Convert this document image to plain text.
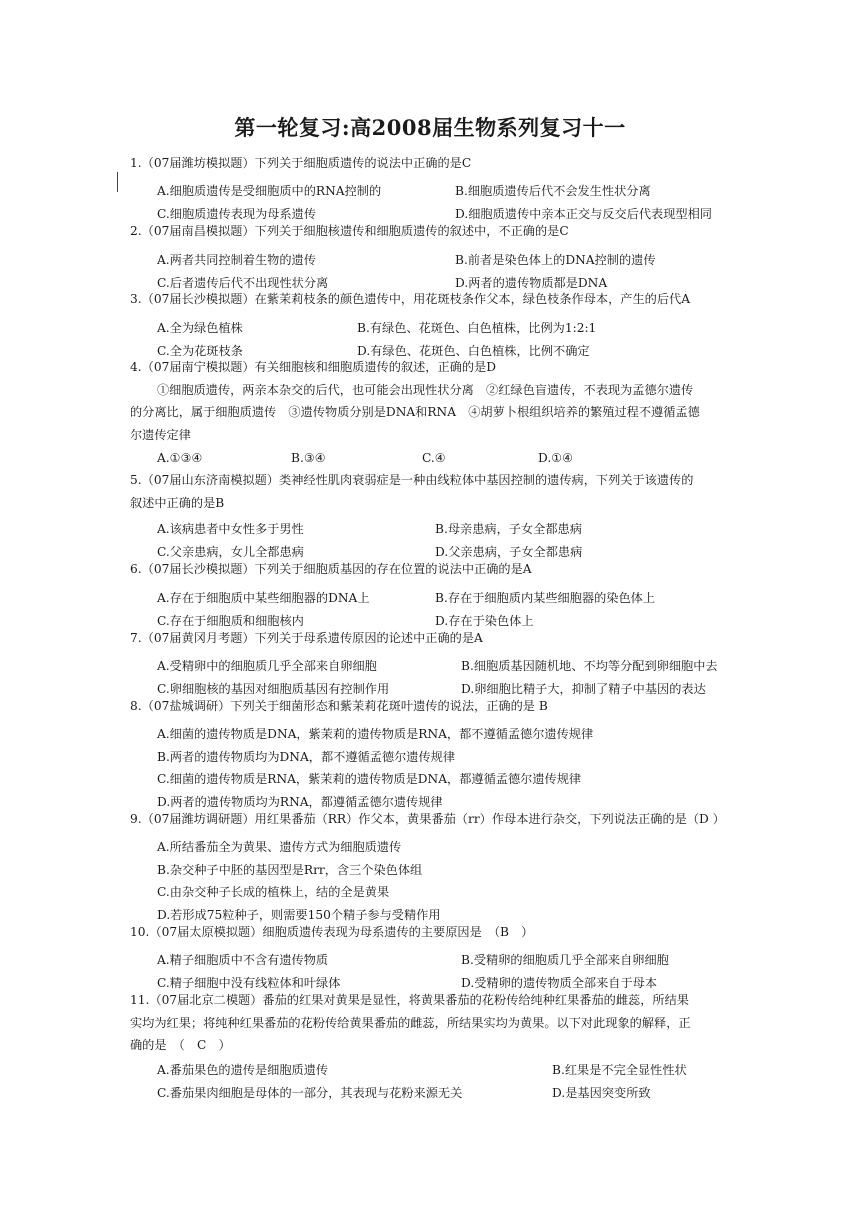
第一轮复习:高2008届生物系列复习十一
1.（07届潍坊模拟题）下列关于细胞质遗传的说法中正确的是C
A.细胞质遗传是受细胞质中的RNA控制的	B.细胞质遗传后代不会发生性状分离
C.细胞质遗传表现为母系遗传	D.细胞质遗传中亲本正交与反交后代表现型相同
2.（07届南昌模拟题）下列关于细胞核遗传和细胞质遗传的叙述中，不正确的是C
A.两者共同控制着生物的遗传	B.前者是染色体上的DNA控制的遗传
C.后者遗传后代不出现性状分离	D.两者的遗传物质都是DNA
3.（07届长沙模拟题）在紫茉莉枝条的颜色遗传中，用花斑枝条作父本，绿色枝条作母本，产生的后代A
A.全为绿色植株	B.有绿色、花斑色、白色植株，比例为1:2:1
C.全为花斑枝条	D.有绿色、花斑色、白色植株，比例不确定
4.（07届南宁模拟题）有关细胞核和细胞质遗传的叙述，正确的是D
①细胞质遗传，两亲本杂交的后代，也可能会出现性状分离　②红绿色盲遗传，不表现为孟德尔遗传
的分离比，属于细胞质遗传　③遗传物质分别是DNA和RNA　④胡萝卜根组织培养的繁殖过程不遵循孟德
尔遗传定律
A.①③④	B.③④	C.④	D.①④
5.（07届山东济南模拟题）类神经性肌肉衰弱症是一种由线粒体中基因控制的遗传病，下列关于该遗传的
叙述中正确的是B
A.该病患者中女性多于男性	B.母亲患病，子女全都患病
C.父亲患病，女儿全都患病	D.父亲患病，子女全都患病
6.（07届长沙模拟题）下列关于细胞质基因的存在位置的说法中正确的是A
A.存在于细胞质中某些细胞器的DNA上	B.存在于细胞质内某些细胞器的染色体上
C.存在于细胞质和细胞核内	D.存在于染色体上
7.（07届黄冈月考题）下列关于母系遗传原因的论述中正确的是A
A.受精卵中的细胞质几乎全部来自卵细胞	B.细胞质基因随机地、不均等分配到卵细胞中去
C.卵细胞核的基因对细胞质基因有控制作用	D.卵细胞比精子大，抑制了精子中基因的表达
8.（07盐城调研）下列关于细菌形态和紫茉莉花斑叶遗传的说法，正确的是 B
A.细菌的遗传物质是DNA，紫茉莉的遗传物质是RNA，都不遵循孟德尔遗传规律
B.两者的遗传物质均为DNA，都不遵循孟德尔遗传规律
C.细菌的遗传物质是RNA，紫茉莉的遗传物质是DNA，都遵循孟德尔遗传规律
D.两者的遗传物质均为RNA，都遵循孟德尔遗传规律
9.（07届潍坊调研题）用红果番茄（RR）作父本，黄果番茄（rr）作母本进行杂交，下列说法正确的是（D ）
A.所结番茄全为黄果、遗传方式为细胞质遗传
B.杂交种子中胚的基因型是Rrr，含三个染色体组
C.由杂交种子长成的植株上，结的全是黄果
D.若形成75粒种子，则需要150个精子参与受精作用
10.（07届太原模拟题）细胞质遗传表现为母系遗传的主要原因是　（B　）
A.精子细胞质中不含有遗传物质	B.受精卵的细胞质几乎全部来自卵细胞
C.精子细胞中没有线粒体和叶绿体	D.受精卵的遗传物质全部来自于母本
11.（07届北京二模题）番茄的红果对黄果是显性，将黄果番茄的花粉传给纯种红果番茄的雌蕊，所结果
实均为红果；将纯种红果番茄的花粉传给黄果番茄的雌蕊，所结果实均为黄果。以下对此现象的解释，正
确的是　（　C　）
A.番茄果色的遗传是细胞质遗传	B.红果是不完全显性性状
C.番茄果肉细胞是母体的一部分，其表现与花粉来源无关	D.是基因突变所致
